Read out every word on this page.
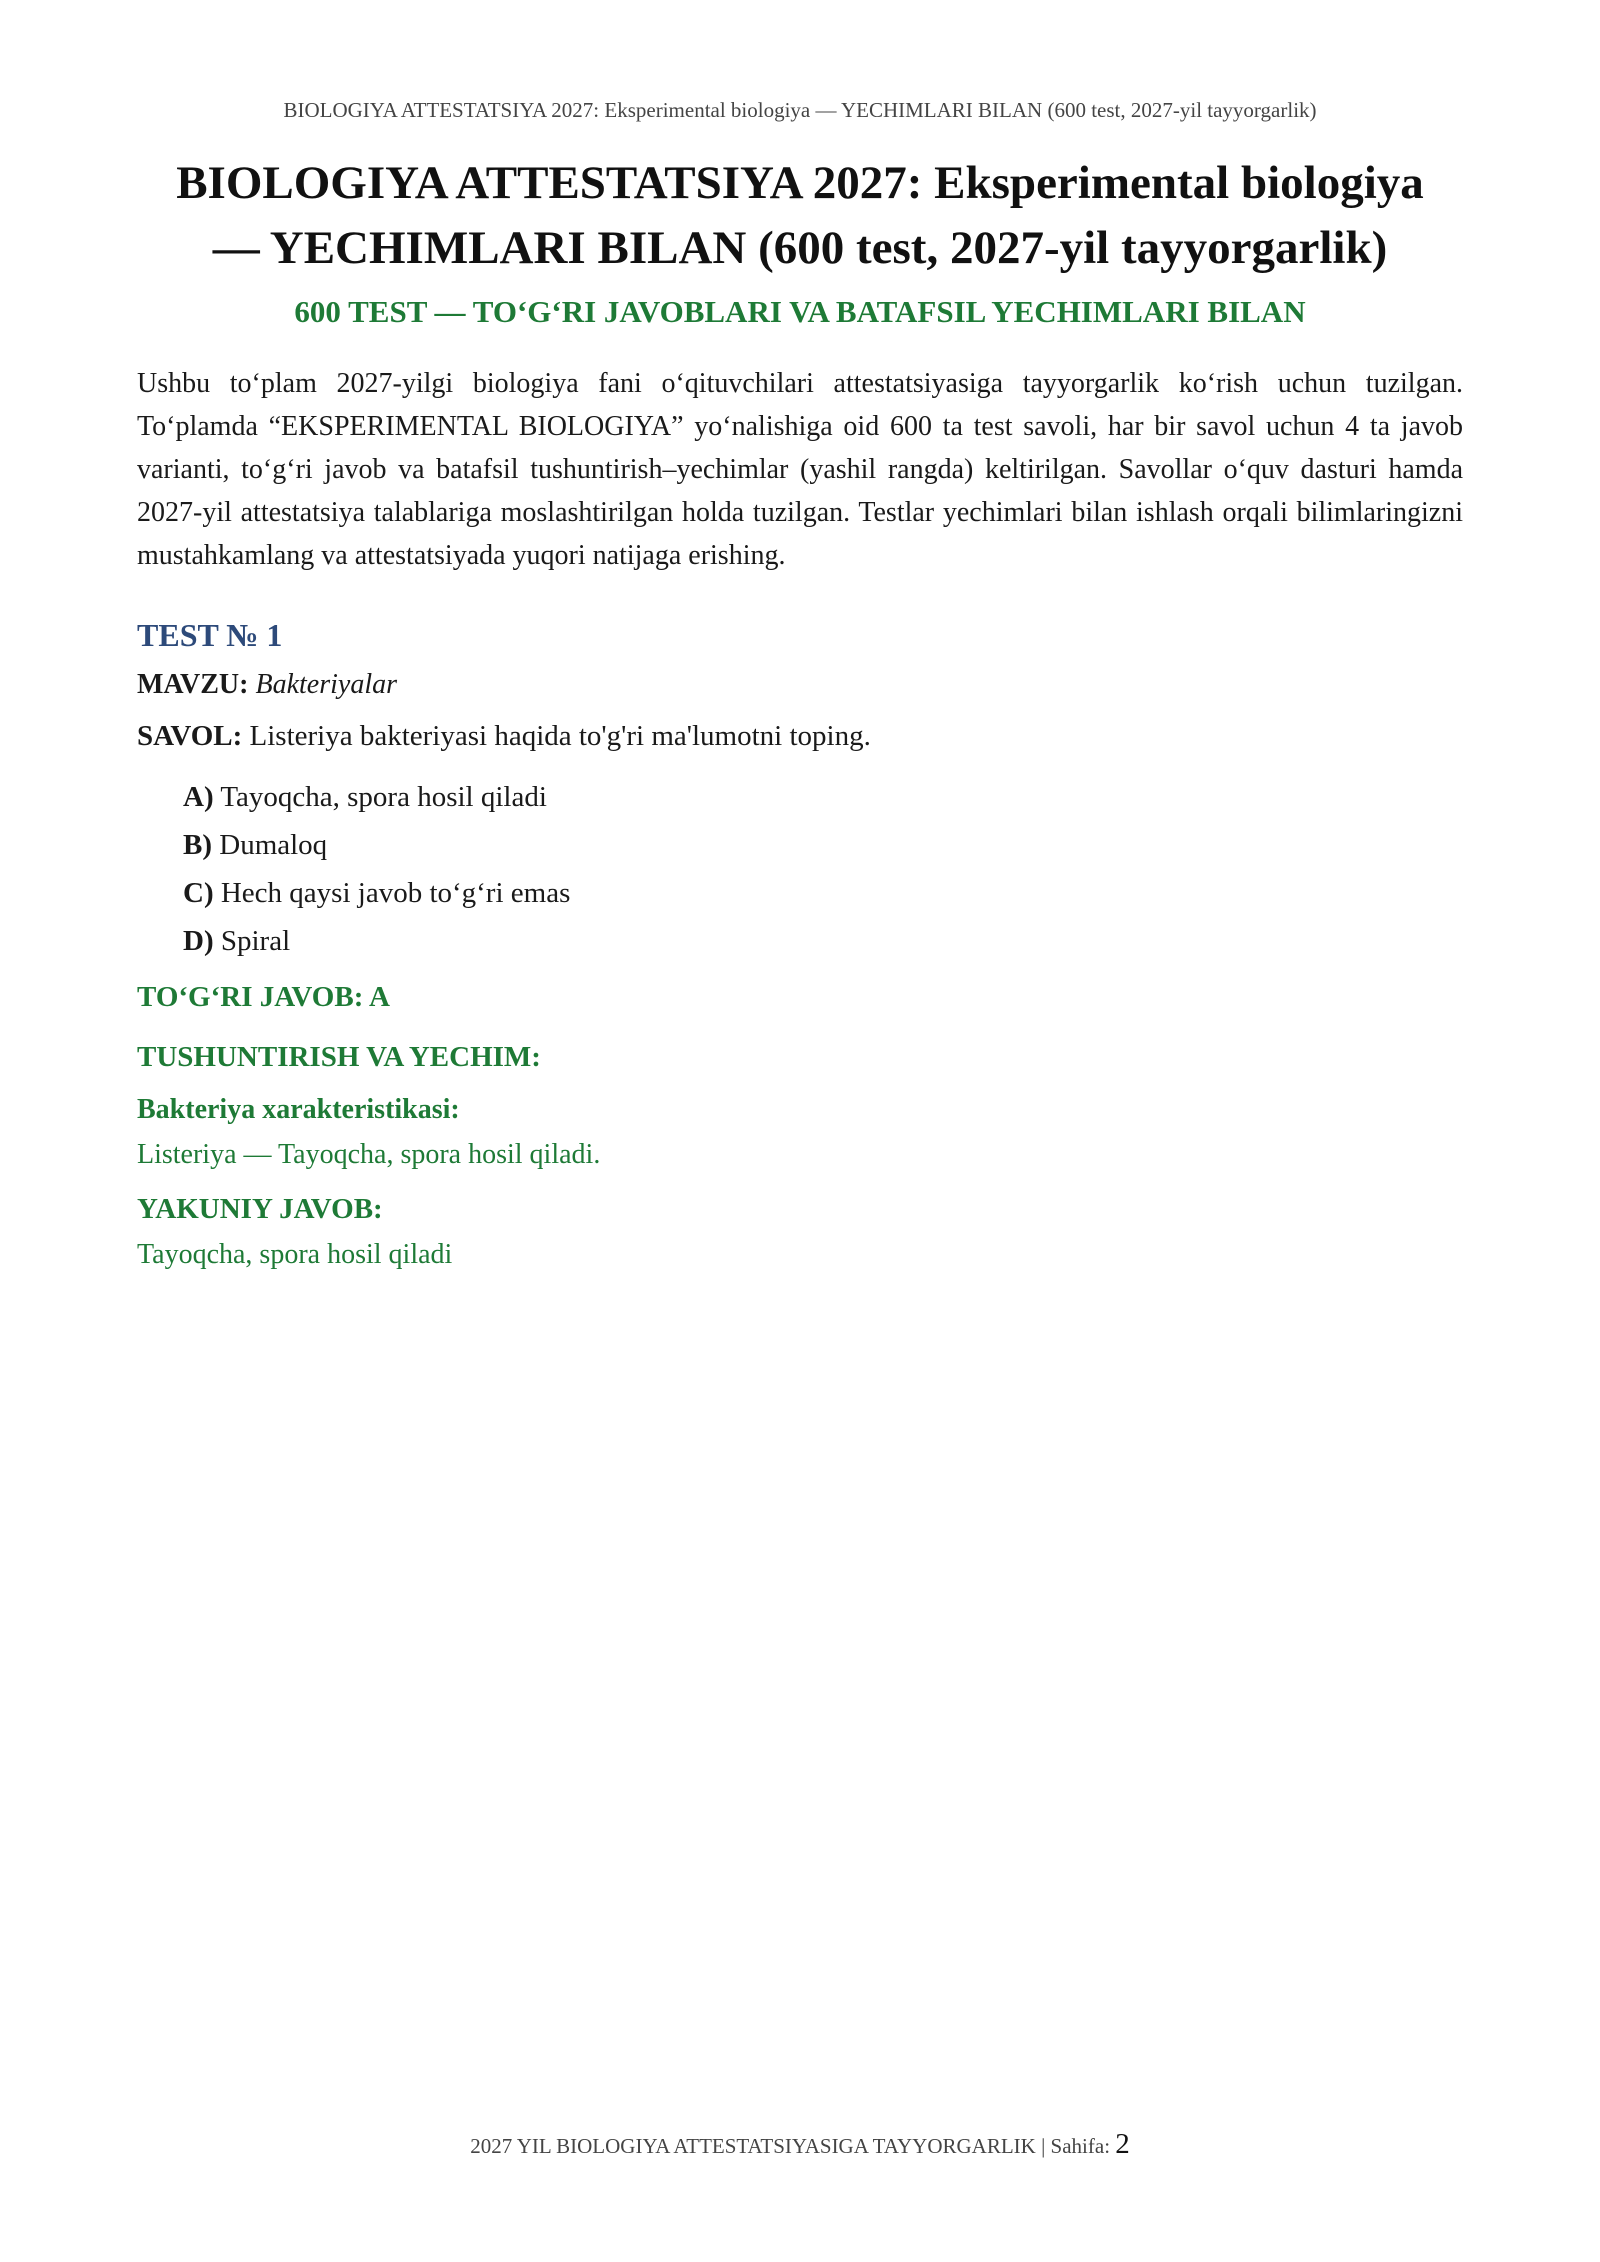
BIOLOGIYA ATTESTATSIYA 2027: Eksperimental biologiya — YECHIMLARI BILAN (600 test, 2027-yil tayyorgarlik)
BIOLOGIYA ATTESTATSIYA 2027: Eksperimental biologiya
— YECHIMLARI BILAN (600 test, 2027-yil tayyorgarlik)
600 TEST — TO‘G‘RI JAVOBLARI VA BATAFSIL YECHIMLARI BILAN
Ushbu to‘plam 2027-yilgi biologiya fani o‘qituvchilari attestatsiyasiga tayyorgarlik ko‘rish uchun tuzilgan. To‘plamda “EKSPERIMENTAL BIOLOGIYA” yo‘nalishiga oid 600 ta test savoli, har bir savol uchun 4 ta javob varianti, to‘g‘ri javob va batafsil tushuntirish–yechimlar (yashil rangda) keltirilgan. Savollar o‘quv dasturi hamda 2027-yil attestatsiya talablariga moslashtirilgan holda tuzilgan. Testlar yechimlari bilan ishlash orqali bilimlaringizni mustahkamlang va attestatsiyada yuqori natijaga erishing.
TEST № 1
MAVZU: Bakteriyalar
SAVOL: Listeriya bakteriyasi haqida to'g'ri ma'lumotni toping.
A) Tayoqcha, spora hosil qiladi
B) Dumaloq
C) Hech qaysi javob to‘g‘ri emas
D) Spiral
TO‘G‘RI JAVOB: A
TUSHUNTIRISH VA YECHIM:
Bakteriya xarakteristikasi:
Listeriya — Tayoqcha, spora hosil qiladi.
YAKUNIY JAVOB:
Tayoqcha, spora hosil qiladi
2027 YIL BIOLOGIYA ATTESTATSIYASIGA TAYYORGARLIK | Sahifa: 2
